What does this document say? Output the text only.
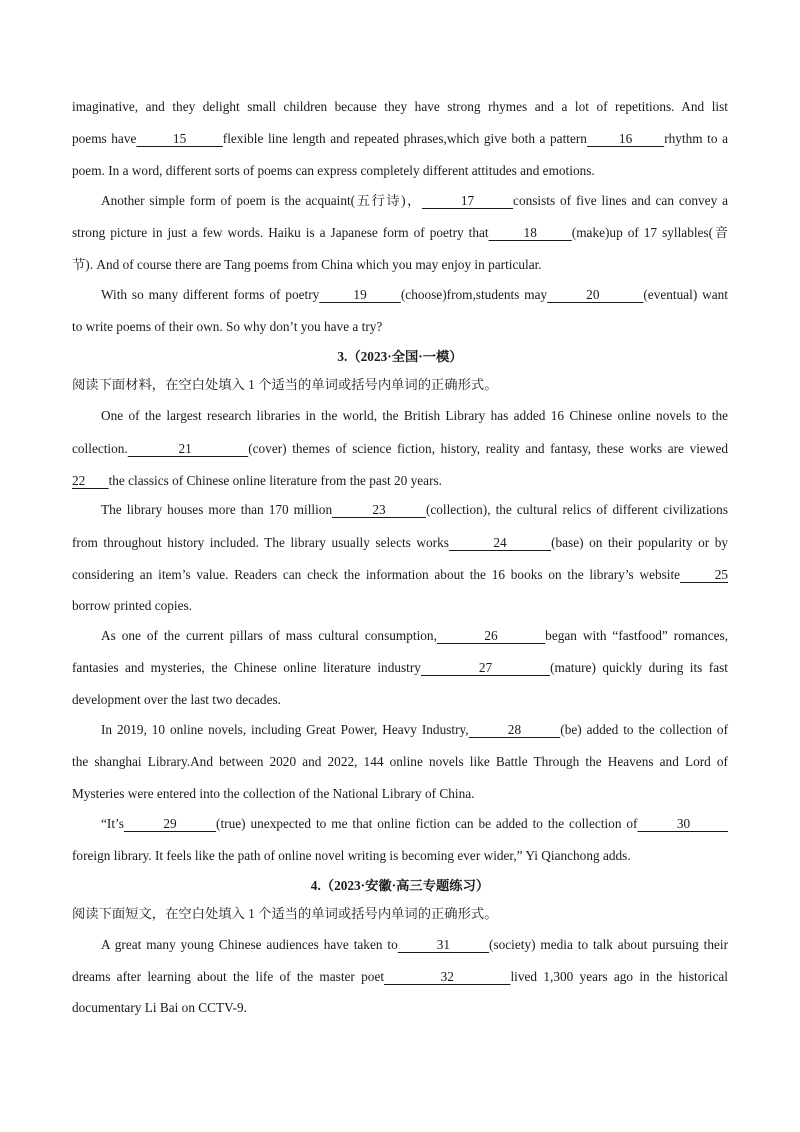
imaginative, and they delight small children because they have strong rhymes and a lot of repetitions. And list
poems have        15        flexible line length and repeated phrases,which give both a pattern       16       rhythm to a
poem. In a word, different sorts of poems can express completely different attitudes and emotions.
Another simple form of poem is the acquaint(五行诗)，        17        consists of five lines and can convey a
strong picture in just a few words. Haiku is a Japanese form of poetry that       18       (make)up of 17 syllables(音
节). And of course there are Tang poems from China which you may enjoy in particular.
With so many different forms of poetry       19       (choose)from,students may        20         (eventual) want
to write poems of their own. So why don’t you have a try?
3.（2023·全国·一模）
阅读下面材料，在空白处填入 1 个适当的单词或括号内单词的正确形式。
One of the largest research libraries in the world, the British Library has added 16 Chinese online novels to the
collection.         21          (cover) themes of science fiction, history, reality and fantasy, these works are viewed
22       the classics of Chinese online literature from the past 20 years.
The library houses more than 170 million        23        (collection), the cultural relics of different civilizations
from throughout history included. The library usually selects works        24        (base) on their popularity or by
considering an item’s value. Readers can check the information about the 16 books on the library’s website      25
borrow printed copies.
As one of the current pillars of mass cultural consumption,        26        began with “fastfood” romances,
fantasies and mysteries, the Chinese online literature industry         27         (mature) quickly during its fast
development over the last two decades.
In 2019, 10 online novels, including Great Power, Heavy Industry,        28        (be) added to the collection of
the shanghai Library.And between 2020 and 2022, 144 online novels like Battle Through the Heavens and Lord of
Mysteries were entered into the collection of the National Library of China.
“It’s        29        (true) unexpected to me that online fiction can be added to the collection of        30
foreign library. It feels like the path of online novel writing is becoming ever wider,” Yi Qianchong adds.
4.（2023·安徽·高三专题练习）
阅读下面短文，在空白处填入 1 个适当的单词或括号内单词的正确形式。
A great many young Chinese audiences have taken to        31        (society) media to talk about pursuing their
dreams after learning about the life of the master poet         32         lived 1,300 years ago in the historical
documentary Li Bai on CCTV-9.
